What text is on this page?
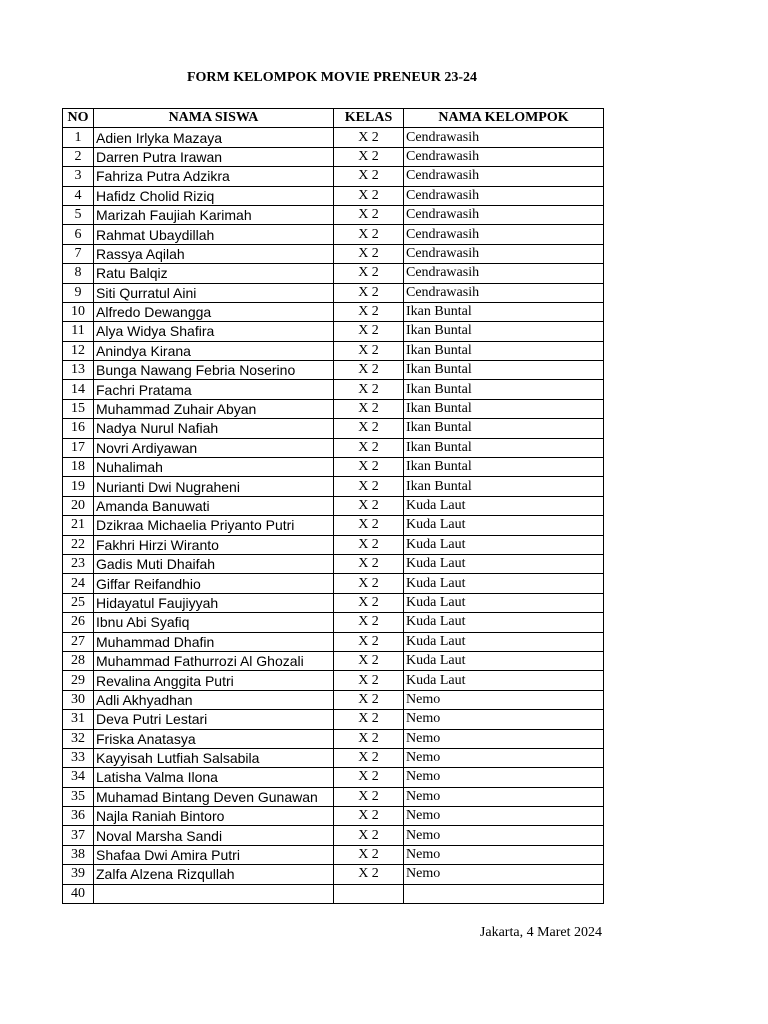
FORM KELOMPOK MOVIE PRENEUR 23-24
NO	NAMA SISWA	KELAS	NAMA KELOMPOK
1	Adien Irlyka Mazaya	X 2	Cendrawasih
2	Darren Putra Irawan	X 2	Cendrawasih
3	Fahriza Putra Adzikra	X 2	Cendrawasih
4	Hafidz Cholid Riziq	X 2	Cendrawasih
5	Marizah Faujiah Karimah	X 2	Cendrawasih
6	Rahmat Ubaydillah	X 2	Cendrawasih
7	Rassya Aqilah	X 2	Cendrawasih
8	Ratu Balqiz	X 2	Cendrawasih
9	Siti Qurratul Aini	X 2	Cendrawasih
10	Alfredo Dewangga	X 2	Ikan Buntal
11	Alya Widya Shafira	X 2	Ikan Buntal
12	Anindya Kirana	X 2	Ikan Buntal
13	Bunga Nawang Febria Noserino	X 2	Ikan Buntal
14	Fachri Pratama	X 2	Ikan Buntal
15	Muhammad Zuhair Abyan	X 2	Ikan Buntal
16	Nadya Nurul Nafiah	X 2	Ikan Buntal
17	Novri Ardiyawan	X 2	Ikan Buntal
18	Nuhalimah	X 2	Ikan Buntal
19	Nurianti Dwi Nugraheni	X 2	Ikan Buntal
20	Amanda Banuwati	X 2	Kuda Laut
21	Dzikraa Michaelia Priyanto Putri	X 2	Kuda Laut
22	Fakhri Hirzi Wiranto	X 2	Kuda Laut
23	Gadis Muti Dhaifah	X 2	Kuda Laut
24	Giffar Reifandhio	X 2	Kuda Laut
25	Hidayatul Faujiyyah	X 2	Kuda Laut
26	Ibnu Abi Syafiq	X 2	Kuda Laut
27	Muhammad Dhafin	X 2	Kuda Laut
28	Muhammad Fathurrozi Al Ghozali	X 2	Kuda Laut
29	Revalina Anggita Putri	X 2	Kuda Laut
30	Adli Akhyadhan	X 2	Nemo
31	Deva Putri Lestari	X 2	Nemo
32	Friska Anatasya	X 2	Nemo
33	Kayyisah Lutfiah Salsabila	X 2	Nemo
34	Latisha Valma Ilona	X 2	Nemo
35	Muhamad Bintang Deven Gunawan	X 2	Nemo
36	Najla Raniah Bintoro	X 2	Nemo
37	Noval Marsha Sandi	X 2	Nemo
38	Shafaa Dwi Amira Putri	X 2	Nemo
39	Zalfa Alzena Rizqullah	X 2	Nemo
40			
Jakarta, 4 Maret 2024
